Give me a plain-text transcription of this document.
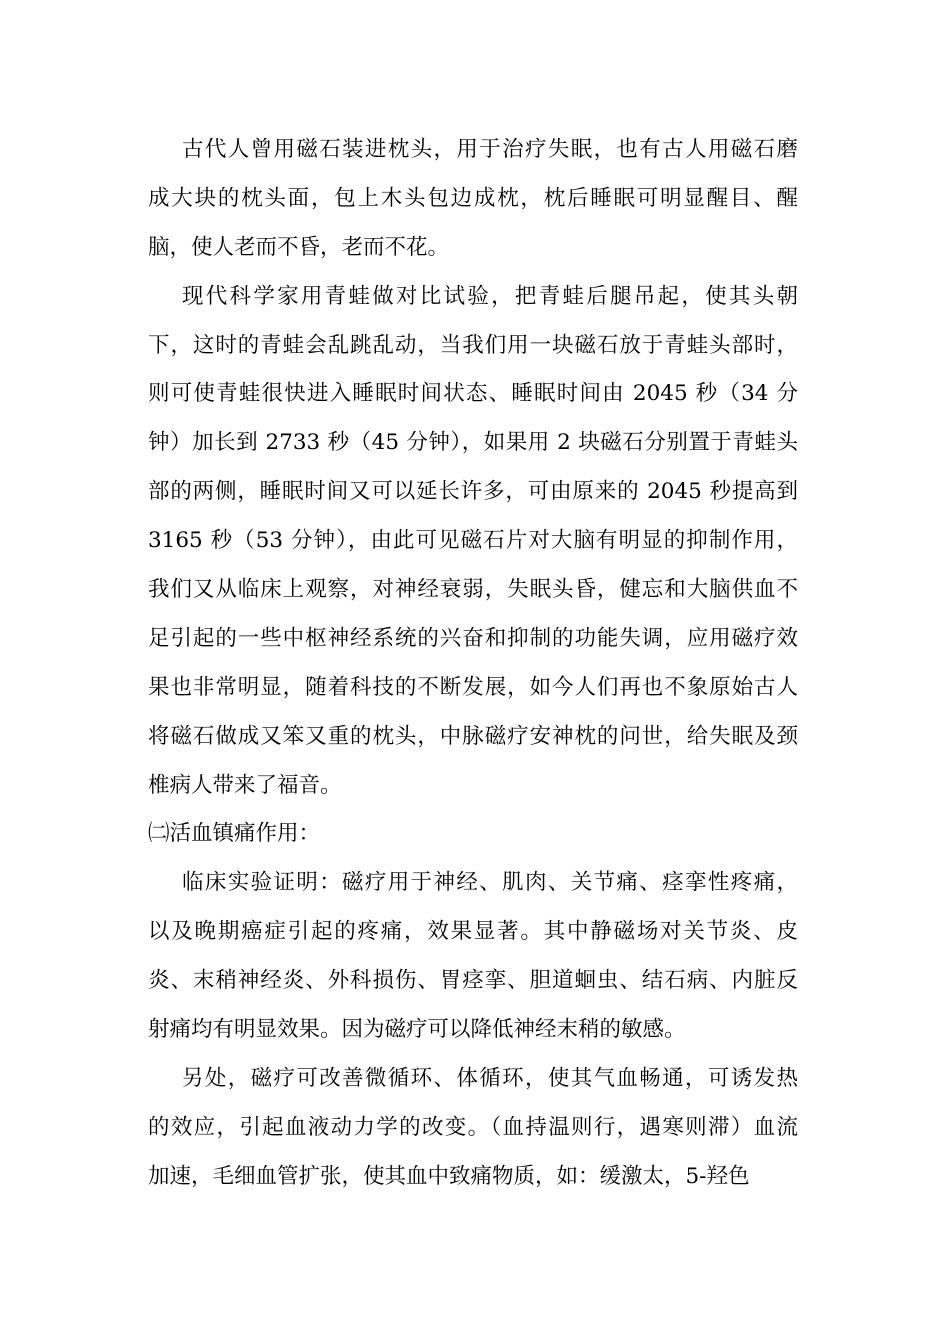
古代人曾用磁石装进枕头，用于治疗失眠，也有古人用磁石磨
成大块的枕头面，包上木头包边成枕，枕后睡眠可明显醒目、醒
脑，使人老而不昏，老而不花。
现代科学家用青蛙做对比试验，把青蛙后腿吊起，使其头朝
下，这时的青蛙会乱跳乱动，当我们用一块磁石放于青蛙头部时，
则可使青蛙很快进入睡眠时间状态、睡眠时间由 2045 秒（34 分
钟）加长到 2733 秒（45 分钟），如果用 2 块磁石分别置于青蛙头
部的两侧，睡眠时间又可以延长许多，可由原来的 2045 秒提高到
3165 秒（53 分钟），由此可见磁石片对大脑有明显的抑制作用，
我们又从临床上观察，对神经衰弱，失眠头昏，健忘和大脑供血不
足引起的一些中枢神经系统的兴奋和抑制的功能失调，应用磁疗效
果也非常明显，随着科技的不断发展，如今人们再也不象原始古人
将磁石做成又笨又重的枕头，中脉磁疗安神枕的问世，给失眠及颈
椎病人带来了福音。
㈡活血镇痛作用：
临床实验证明：磁疗用于神经、肌肉、关节痛、痉挛性疼痛，
以及晚期癌症引起的疼痛，效果显著。其中静磁场对关节炎、皮
炎、末稍神经炎、外科损伤、胃痉挛、胆道蛔虫、结石病、内脏反
射痛均有明显效果。因为磁疗可以降低神经末稍的敏感。
另处，磁疗可改善微循环、体循环，使其气血畅通，可诱发热
的效应，引起血液动力学的改变。（血持温则行，遇寒则滞）血流
加速，毛细血管扩张，使其血中致痛物质，如：缓激太，5-羟色
